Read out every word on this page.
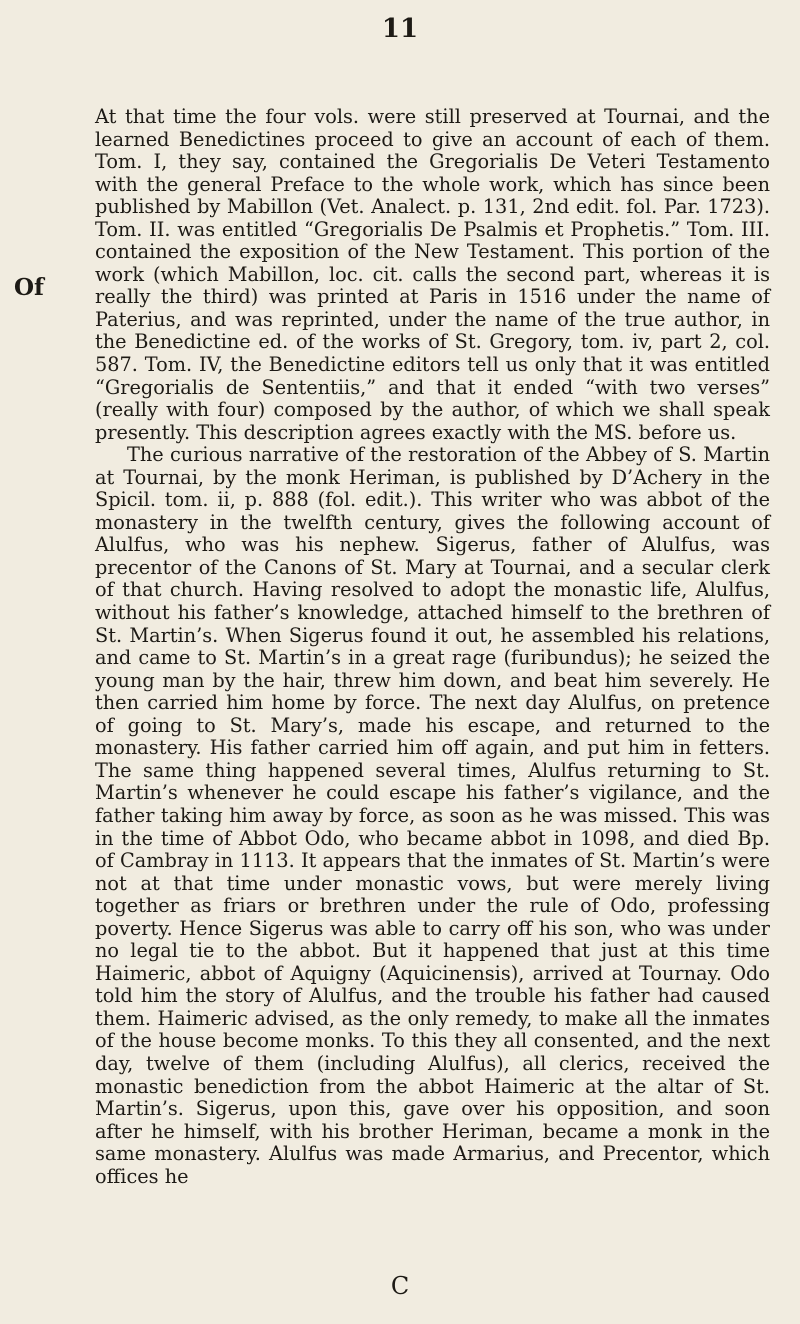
11
Of

At that time the four vols. were still preserved at Tournai, and the learned Benedictines proceed to give an account of each of them. Tom. I, they say, contained the Gregorialis De Veteri Testamento with the general Preface to the whole work, which has since been published by Mabillon (Vet. Analect. p. 131, 2nd edit. fol. Par. 1723). Tom. II. was entitled “Gregorialis De Psalmis et Prophetis.” Tom. III. contained the exposition of the New Testament. This portion of the work (which Mabillon, loc. cit. calls the second part, whereas it is really the third) was printed at Paris in 1516 under the name of Paterius, and was reprinted, under the name of the true author, in the Benedictine ed. of the works of St. Gregory, tom. iv, part 2, col. 587. Tom. IV, the Benedictine editors tell us only that it was entitled “Gregorialis de Sententiis,” and that it ended “with two verses” (really with four) composed by the author, of which we shall speak presently. This description agrees exactly with the MS. before us.

The curious narrative of the restoration of the Abbey of S. Martin at Tournai, by the monk Heriman, is published by D’Achery in the Spicil. tom. ii, p. 888 (fol. edit.). This writer who was abbot of the monastery in the twelfth century, gives the following account of Alulfus, who was his nephew. Sigerus, father of Alulfus, was precentor of the Canons of St. Mary at Tournai, and a secular clerk of that church. Having resolved to adopt the monastic life, Alulfus, without his father’s knowledge, attached himself to the brethren of St. Martin’s. When Sigerus found it out, he assembled his relations, and came to St. Martin’s in a great rage (furibundus); he seized the young man by the hair, threw him down, and beat him severely. He then carried him home by force. The next day Alulfus, on pretence of going to St. Mary’s, made his escape, and returned to the monastery. His father carried him off again, and put him in fetters. The same thing happened several times, Alulfus returning to St. Martin’s whenever he could escape his father’s vigilance, and the father taking him away by force, as soon as he was missed. This was in the time of Abbot Odo, who became abbot in 1098, and died Bp. of Cambray in 1113. It appears that the inmates of St. Martin’s were not at that time under monastic vows, but were merely living together as friars or brethren under the rule of Odo, professing poverty. Hence Sigerus was able to carry off his son, who was under no legal tie to the abbot. But it happened that just at this time Haimeric, abbot of Aquigny (Aquicinensis), arrived at Tournay. Odo told him the story of Alulfus, and the trouble his father had caused them. Haimeric advised, as the only remedy, to make all the inmates of the house become monks. To this they all consented, and the next day, twelve of them (including Alulfus), all clerics, received the monastic benediction from the abbot Haimeric at the altar of St. Martin’s. Sigerus, upon this, gave over his opposition, and soon after he himself, with his brother Heriman, became a monk in the same monastery. Alulfus was made Armarius, and Precentor, which offices he

C
